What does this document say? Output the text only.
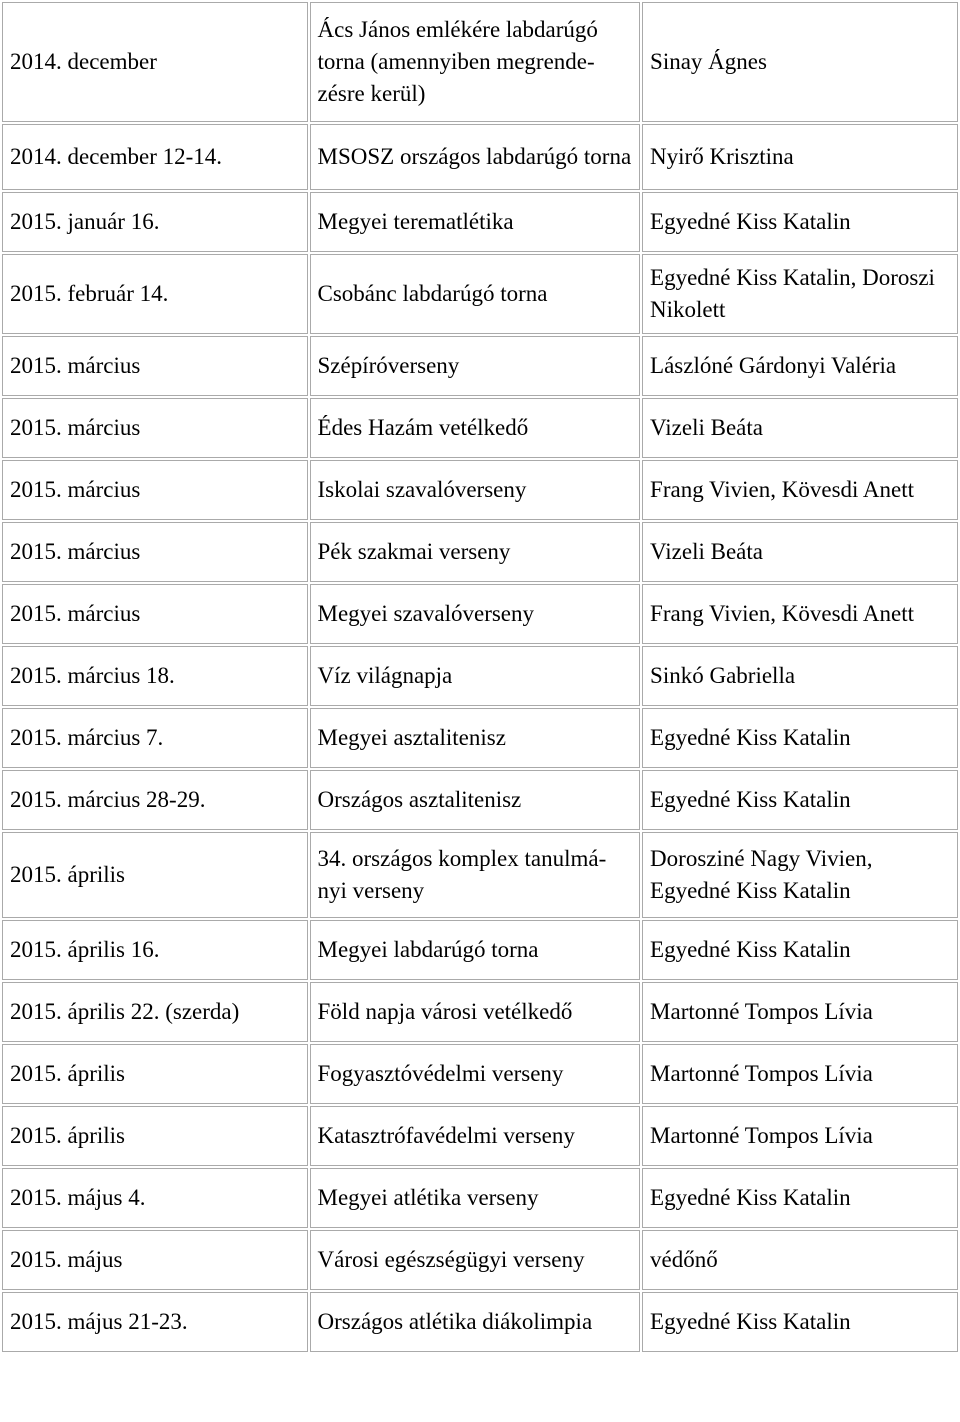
2014. december	Ács János emlékére labdarúgó torna (amennyiben megrende-zésre kerül)	Sinay Ágnes
2014. december 12-14.	MSOSZ országos labdarúgó torna	Nyirő Krisztina
2015. január 16.	Megyei terematlétika	Egyedné Kiss Katalin
2015. február 14.	Csobánc labdarúgó torna	Egyedné Kiss Katalin, Doroszi Nikolett
2015. március	Szépíróverseny	Lászlóné Gárdonyi Valéria
2015. március	Édes Hazám vetélkedő	Vizeli Beáta
2015. március	Iskolai szavalóverseny	Frang Vivien, Kövesdi Anett
2015. március	Pék szakmai verseny	Vizeli Beáta
2015. március	Megyei szavalóverseny	Frang Vivien, Kövesdi Anett
2015. március 18.	Víz világnapja	Sinkó Gabriella
2015. március 7.	Megyei asztalitenisz	Egyedné Kiss Katalin
2015. március 28-29.	Országos asztalitenisz	Egyedné Kiss Katalin
2015. április	34. országos komplex tanulmá-nyi verseny	Dorosziné Nagy Vivien, Egyedné Kiss Katalin
2015. április 16.	Megyei labdarúgó torna	Egyedné Kiss Katalin
2015. április 22. (szerda)	Föld napja városi vetélkedő	Martonné Tompos Lívia
2015. április	Fogyasztóvédelmi verseny	Martonné Tompos Lívia
2015. április	Katasztrófavédelmi verseny	Martonné Tompos Lívia
2015. május 4.	Megyei atlétika verseny	Egyedné Kiss Katalin
2015. május	Városi egészségügyi verseny	védőnő
2015. május 21-23.	Országos atlétika diákolimpia	Egyedné Kiss Katalin
